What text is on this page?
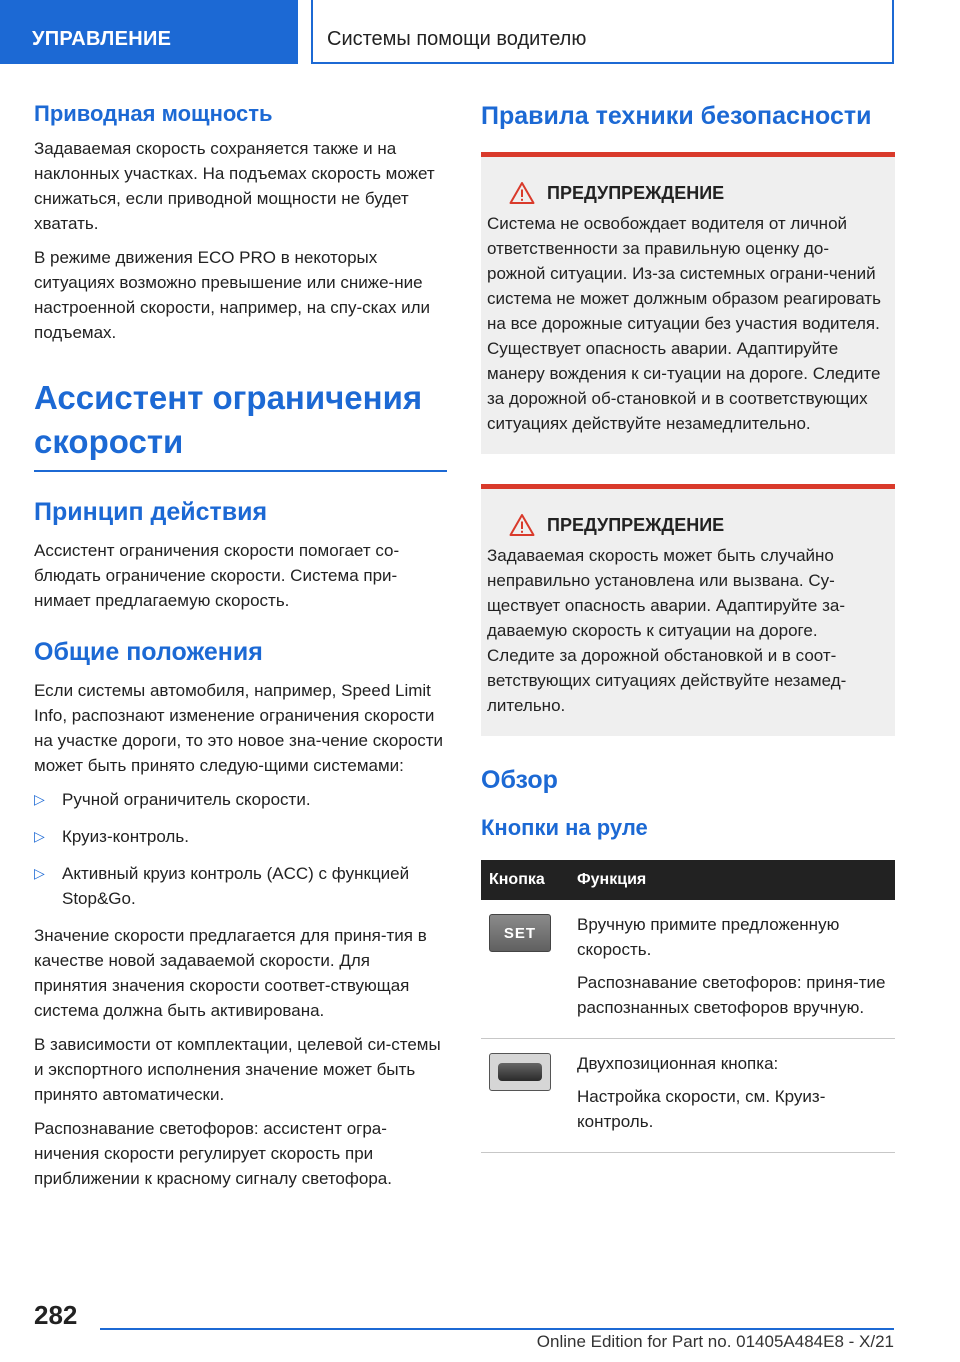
УПРАВЛЕНИЕ	Системы помощи водителю
Приводная мощность

Задаваемая скорость сохраняется также и на наклонных участках. На подъемах скорость может снижаться, если приводной мощности не будет хватать.

В режиме движения ECO PRO в некоторых ситуациях возможно превышение или сниже-ние настроенной скорости, например, на спу-сках или подъемах.

Ассистент ограничения скорости
Принцип действия

Ассистент ограничения скорости помогает со-блюдать ограничение скорости. Система при-нимает предлагаемую скорость.

Общие положения

Если системы автомобиля, например, Speed Limit Info, распознают изменение ограничения скорости на участке дороги, то это новое зна-чение скорости может быть принято следую-щими системами:

▷ Ручной ограничитель скорости.
▷ Круиз-контроль.
▷ Активный круиз контроль (ACC) с функцией Stop&Go.

Значение скорости предлагается для приня-тия в качестве новой задаваемой скорости. Для принятия значения скорости соответ-ствующая система должна быть активирована.

В зависимости от комплектации, целевой си-стемы и экспортного исполнения значение может быть принято автоматически.

Распознавание светофоров: ассистент огра-ничения скорости регулирует скорость при приближении к красному сигналу светофора.

Правила техники безопасности
ПРЕДУПРЕЖДЕНИЕ

Система не освобождает водителя от личной ответственности за правильную оценку до-рожной ситуации. Из-за системных ограни-чений система не может должным образом реагировать на все дорожные ситуации без участия водителя. Существует опасность аварии. Адаптируйте манеру вождения к си-туации на дороге. Следите за дорожной об-становкой и в соответствующих ситуациях действуйте незамедлительно.

ПРЕДУПРЕЖДЕНИЕ

Задаваемая скорость может быть случайно неправильно установлена или вызвана. Су-ществует опасность аварии. Адаптируйте за-даваемую скорость к ситуации на дороге. Следите за дорожной обстановкой и в соот-ветствующих ситуациях действуйте незамед-лительно.

Обзор
Кнопки на руле
Кнопка	Функция

SET	Вручную примите предложенную скорость.

Распознавание светофоров: приня-тие распознанных светофоров вручную.

	Двухпозиционная кнопка:

Настройка скорости, см. Круиз-контроль.

282
Online Edition for Part no. 01405A484E8 - X/21
